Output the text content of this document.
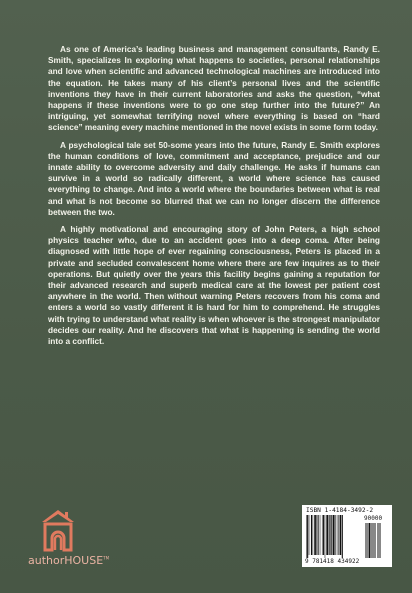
As one of America’s leading business and management consultants, Randy E. Smith, specializes In exploring what happens to societies, personal relationships and love when scientific and advanced technological machines are introduced into the equation. He takes many of his client’s personal lives and the scientific inventions they have in their current laboratories and asks the question, “what happens if these inventions were to go one step further into the future?” An intriguing, yet somewhat terrifying novel where everything is based on “hard science” meaning every machine mentioned in the novel exists in some form today.

A psychological tale set 50-some years into the future, Randy E. Smith explores the human conditions of love, commitment and acceptance, prejudice and our innate ability to overcome adversity and daily challenge. He asks if humans can survive in a world so radically different, a world where science has caused everything to change. And into a world where the boundaries between what is real and what is not become so blurred that we can no longer discern the difference between the two.

A highly motivational and encouraging story of John Peters, a high school physics teacher who, due to an accident goes into a deep coma. After being diagnosed with little hope of ever regaining consciousness, Peters is placed in a private and secluded convalescent home where there are few inquires as to their operations. But quietly over the years this facility begins gaining a reputation for their advanced research and superb medical care at the lowest per patient cost anywhere in the world. Then without warning Peters recovers from his coma and enters a world so vastly different it is hard for him to comprehend. He struggles with trying to understand what reality is when whoever is the strongest manipulator decides our reality. And he discovers that what is happening is sending the world into a conflict.

authorHOUSE™
ISBN 1-4184-3492-2
90000
9 781418 434922
